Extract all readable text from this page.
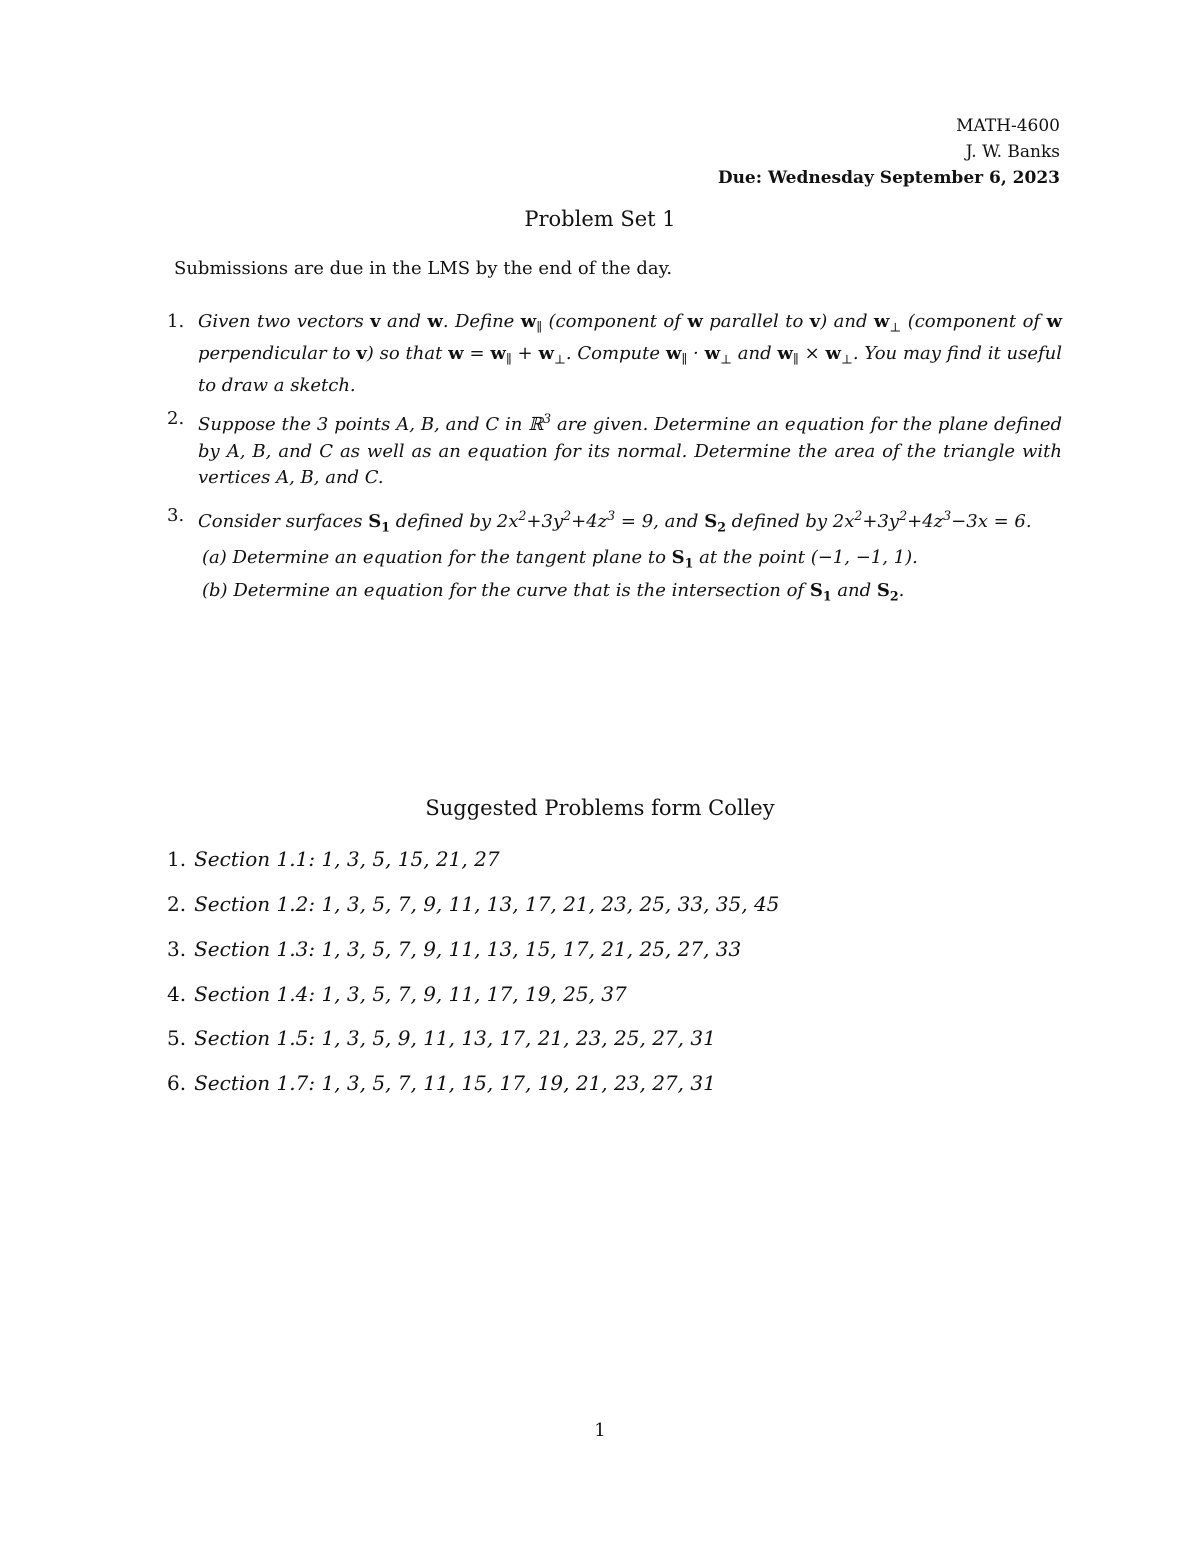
MATH-4600
J. W. Banks
Due: Wednesday September 6, 2023
Problem Set 1
Submissions are due in the LMS by the end of the day.
1. Given two vectors v and w. Define $w_\parallel$ (component of w parallel to v) and $w_\perp$ (component of w perpendicular to v) so that $w = w_\parallel + w_\perp$. Compute $w_\parallel \cdot w_\perp$ and $w_\parallel \times w_\perp$. You may find it useful to draw a sketch.
2. Suppose the 3 points A, B, and C in ℝ$^3$ are given. Determine an equation for the plane defined by A, B, and C as well as an equation for its normal. Determine the area of the triangle with vertices A, B, and C.
3. Consider surfaces $S_1$ defined by $2x^2+3y^2+4z^3 = 9$, and $S_2$ defined by $2x^2+3y^2+4z^3-3x = 6$.
(a) Determine an equation for the tangent plane to $S_1$ at the point (−1, −1, 1).
(b) Determine an equation for the curve that is the intersection of $S_1$ and $S_2$.
Suggested Problems form Colley
1. Section 1.1: 1, 3, 5, 15, 21, 27
2. Section 1.2: 1, 3, 5, 7, 9, 11, 13, 17, 21, 23, 25, 33, 35, 45
3. Section 1.3: 1, 3, 5, 7, 9, 11, 13, 15, 17, 21, 25, 27, 33
4. Section 1.4: 1, 3, 5, 7, 9, 11, 17, 19, 25, 37
5. Section 1.5: 1, 3, 5, 9, 11, 13, 17, 21, 23, 25, 27, 31
6. Section 1.7: 1, 3, 5, 7, 11, 15, 17, 19, 21, 23, 27, 31
1
